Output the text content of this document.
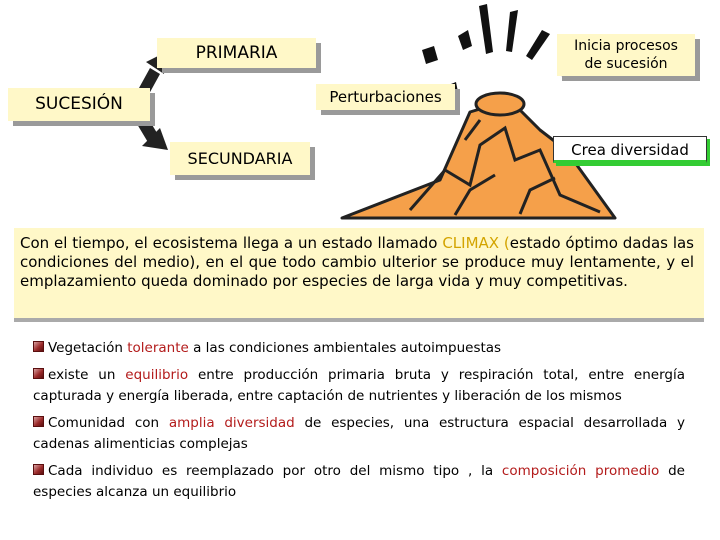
PRIMARIA
SUCESIÓN
SECUNDARIA
Perturbaciones
Inicia procesos
de sucesión
Crea diversidad
Con el tiempo, el ecosistema llega a un estado llamado CLIMAX (estado óptimo dadas las condiciones del medio), en el que todo cambio ulterior se produce muy lentamente, y el emplazamiento queda dominado por especies de larga vida y muy competitivas.
Vegetación tolerante a las condiciones ambientales autoimpuestas
existe un equilibrio entre producción primaria bruta y respiración total, entre energía capturada y energía liberada, entre captación de nutrientes y liberación de los mismos
Comunidad con amplia diversidad de especies, una estructura espacial desarrollada y cadenas alimenticias complejas
Cada individuo es reemplazado por otro del mismo tipo , la composición promedio de especies alcanza un equilibrio
